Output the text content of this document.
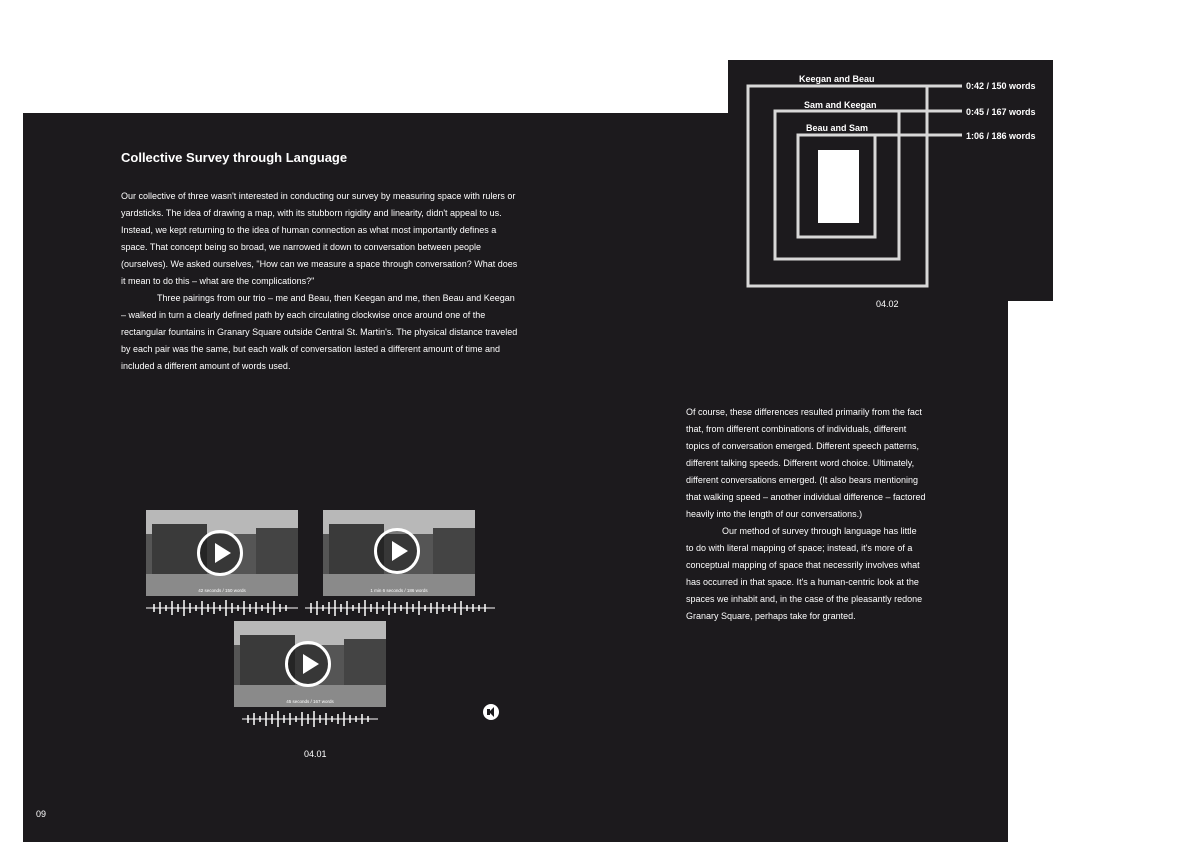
Collective Survey through Language

Our collective of three wasn't interested in conducting our survey by measuring space with rulers or yardsticks. The idea of drawing a map, with its stubborn rigidity and linearity, didn't appeal to us. Instead, we kept returning to the idea of human connection as what most importantly defines a space. That concept being so broad, we narrowed it down to conversation between people (ourselves). We asked ourselves, "How can we measure a space through conversation? What does it mean to do this – what are the complications?"

Three pairings from our trio – me and Beau, then Keegan and me, then Beau and Keegan – walked in turn a clearly defined path by each circulating clockwise once around one of the rectangular fountains in Granary Square outside Central St. Martin's. The physical distance traveled by each pair was the same, but each walk of conversation lasted a different amount of time and included a different amount of words used.

Of course, these differences resulted primarily from the fact that, from different combinations of individuals, different topics of conversation emerged. Different speech patterns, different talking speeds. Different word choice. Ultimately, different conversations emerged. (It also bears mentioning that walking speed – another individual difference – factored heavily into the length of our conversations.)

Our method of survey through language has little to do with literal mapping of space; instead, it's more of a conceptual mapping of space that necessrily involves what has occurred in that space. It's a human-centric look at the spaces we inhabit and, in the case of the pleasantly redone Granary Square, perhaps take for granted.

Keegan and Beau
0:42 / 150 words
Sam and Keegan
0:45 / 167 words
Beau and Sam
1:06 / 186 words
04.02
42 seconds / 150 words	1 min 6 seconds / 186 words
45 seconds / 167 words
04.01
09
